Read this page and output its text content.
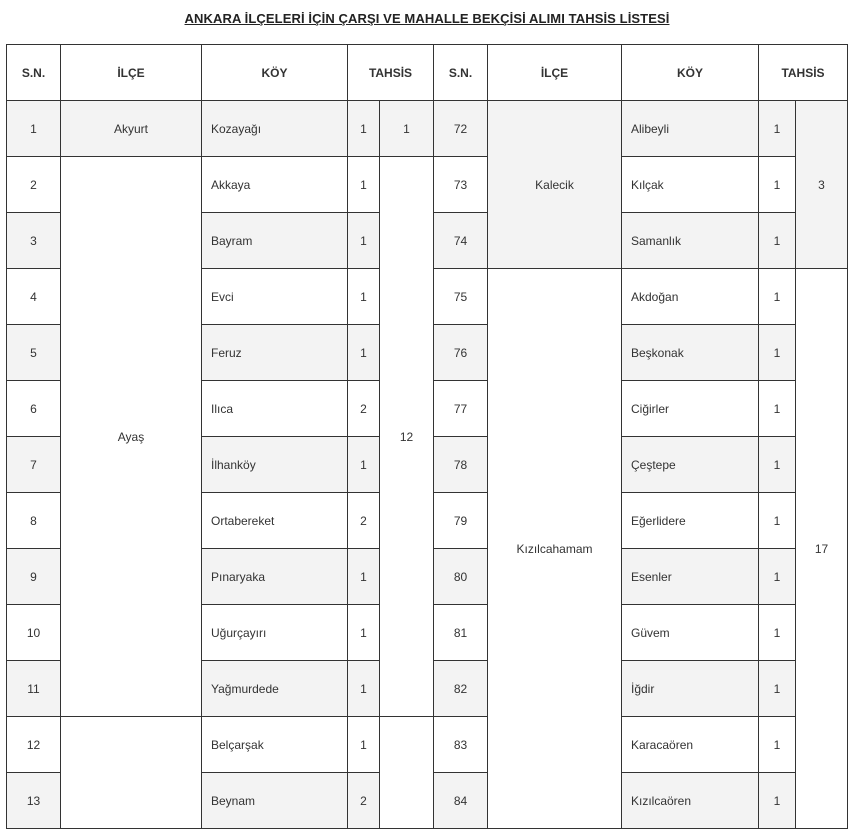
ANKARA İLÇELERİ İÇİN ÇARŞI VE MAHALLE BEKÇİSİ ALIMI TAHSİS LİSTESİ
S.N.	İLÇE	KÖY	TAHSİS		S.N.	İLÇE	KÖY	TAHSİS	
1	Akyurt	Kozayağı	1	1	72	Kalecik	Alibeyli	1	3
2	Ayaş	Akkaya	1	12	73		Kılçak	1	
3		Bayram	1		74		Samanlık	1	
4		Evci	1		75	Kızılcahamam	Akdoğan	1	17
5		Feruz	1		76		Beşkonak	1	
6		Ilıca	2		77		Ciğirler	1	
7		İlhanköy	1		78		Çeştepe	1	
8		Ortabereket	2		79		Eğerlidere	1	
9		Pınaryaka	1		80		Esenler	1	
10		Uğurçayırı	1		81		Güvem	1	
11		Yağmurdede	1		82		İğdir	1	
12		Belçarşak	1		83		Karacaören	1	
13		Beynam	2		84		Kızılcaören	1	
